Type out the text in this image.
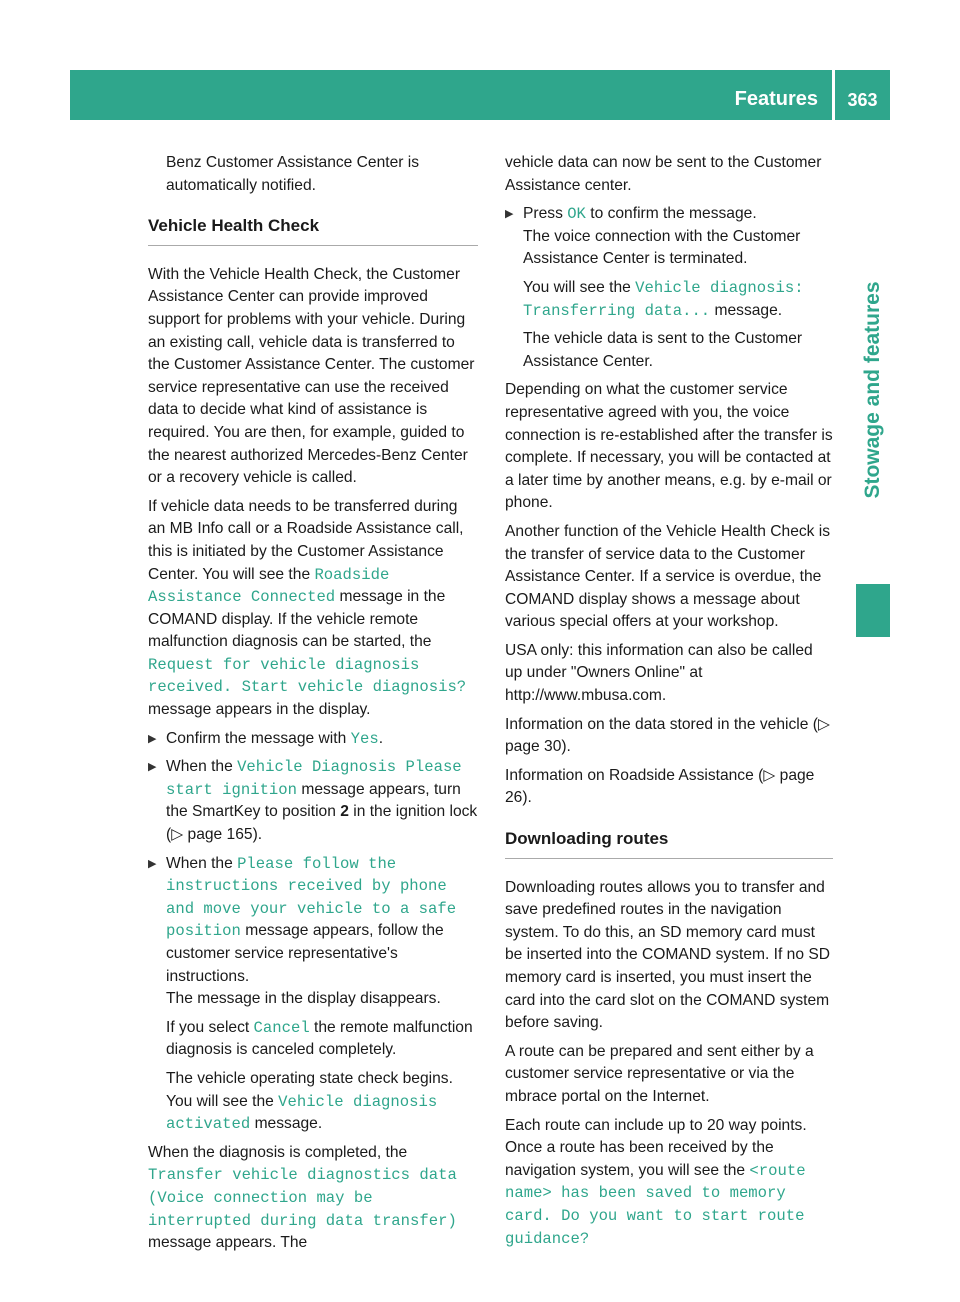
Features	363
Stowage and features

Benz Customer Assistance Center is automatically notified.

Vehicle Health Check

With the Vehicle Health Check, the Customer Assistance Center can provide improved support for problems with your vehicle. During an existing call, vehicle data is transferred to the Customer Assistance Center. The customer service representative can use the received data to decide what kind of assistance is required. You are then, for example, guided to the nearest authorized Mercedes-Benz Center or a recovery vehicle is called.

If vehicle data needs to be transferred during an MB Info call or a Roadside Assistance call, this is initiated by the Customer Assistance Center. You will see the Roadside Assistance Connected message in the COMAND display. If the vehicle remote malfunction diagnosis can be started, the Request for vehicle diagnosis received. Start vehicle diagnosis? message appears in the display.

▶ Confirm the message with Yes.
▶ When the Vehicle Diagnosis Please start ignition message appears, turn the SmartKey to position 2 in the ignition lock (▷ page 165).
▶ When the Please follow the instructions received by phone and move your vehicle to a safe position message appears, follow the customer service representative's instructions.
The message in the display disappears.

If you select Cancel the remote malfunction diagnosis is canceled completely.

The vehicle operating state check begins. You will see the Vehicle diagnosis activated message.

When the diagnosis is completed, the Transfer vehicle diagnostics data (Voice connection may be interrupted during data transfer) message appears. The

vehicle data can now be sent to the Customer Assistance center.

▶ Press OK to confirm the message.
The voice connection with the Customer Assistance Center is terminated.

You will see the Vehicle diagnosis: Transferring data... message.

The vehicle data is sent to the Customer Assistance Center.

Depending on what the customer service representative agreed with you, the voice connection is re-established after the transfer is complete. If necessary, you will be contacted at a later time by another means, e.g. by e-mail or phone.

Another function of the Vehicle Health Check is the transfer of service data to the Customer Assistance Center. If a service is overdue, the COMAND display shows a message about various special offers at your workshop.

USA only: this information can also be called up under "Owners Online" at http://www.mbusa.com.

Information on the data stored in the vehicle (▷ page 30).

Information on Roadside Assistance (▷ page 26).

Downloading routes

Downloading routes allows you to transfer and save predefined routes in the navigation system. To do this, an SD memory card must be inserted into the COMAND system. If no SD memory card is inserted, you must insert the card into the card slot on the COMAND system before saving.

A route can be prepared and sent either by a customer service representative or via the mbrace portal on the Internet.

Each route can include up to 20 way points. Once a route has been received by the navigation system, you will see the <route name> has been saved to memory card. Do you want to start route guidance?
